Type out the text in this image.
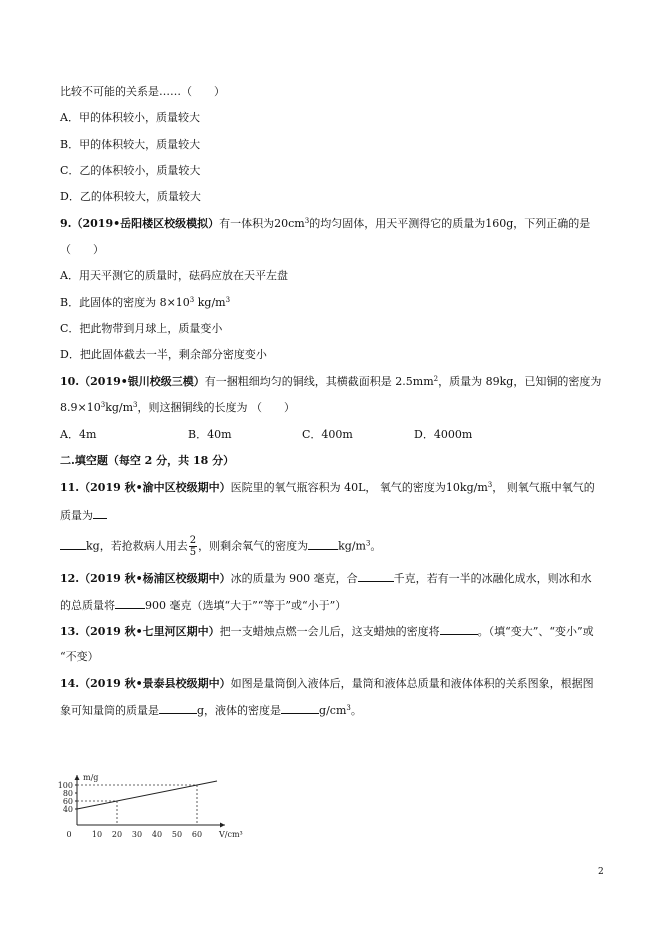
比较不可能的关系是……（　　）
A．甲的体积较小，质量较大
B．甲的体积较大，质量较大
C．乙的体积较小，质量较大
D．乙的体积较大，质量较大
9.（2019•岳阳楼区校级模拟）有一体积为$20cm^3$的均匀固体，用天平测得它的质量为160g，下列正确的是
（　　）
A．用天平测它的质量时，砝码应放在天平左盘
B．此固体的密度为 $8\times 10^3$ $kg/m^3$
C．把此物带到月球上，质量变小
D．把此固体截去一半，剩余部分密度变小
10.（2019•银川校级三模）有一捆粗细均匀的铜线，其横截面积是 $2.5mm^2$，质量为 89kg，已知铜的密度为
$8.9\times 10^3kg/m^3$，则这捆铜线的长度为 （　　）
A．4m	B．40m	C．400m	D．4000m
二.填空题（每空 2 分，共 18 分）
11.（2019 秋•渝中区校级期中）医院里的氧气瓶容积为 40L， 氧气的密度为$10kg/m^3$， 则氧气瓶中氧气的
质量为
kg，若抢救病人用去 $\frac{2}{5}$ ，则剩余氧气的密度为	$kg/m^3$。
12.（2019 秋•杨浦区校级期中）冰的质量为 900 毫克，合	千克，若有一半的冰融化成水，则冰和水
的总质量将	900 毫克（选填“大于”“等于”或“小于”）
13.（2019 秋•七里河区期中）把一支蜡烛点燃一会儿后，这支蜡烛的密度将	。（填“变大”、“变小”或
“不变）
14.（2019 秋•景泰县校级期中）如图是量筒倒入液体后，量筒和液体总质量和液体体积的关系图象，根据图
象可知量筒的质量是	g，液体的密度是	$g/cm^3$。
m/g
V/cm³
40
60
80
100
0	10 20 30 40 50 60
2
